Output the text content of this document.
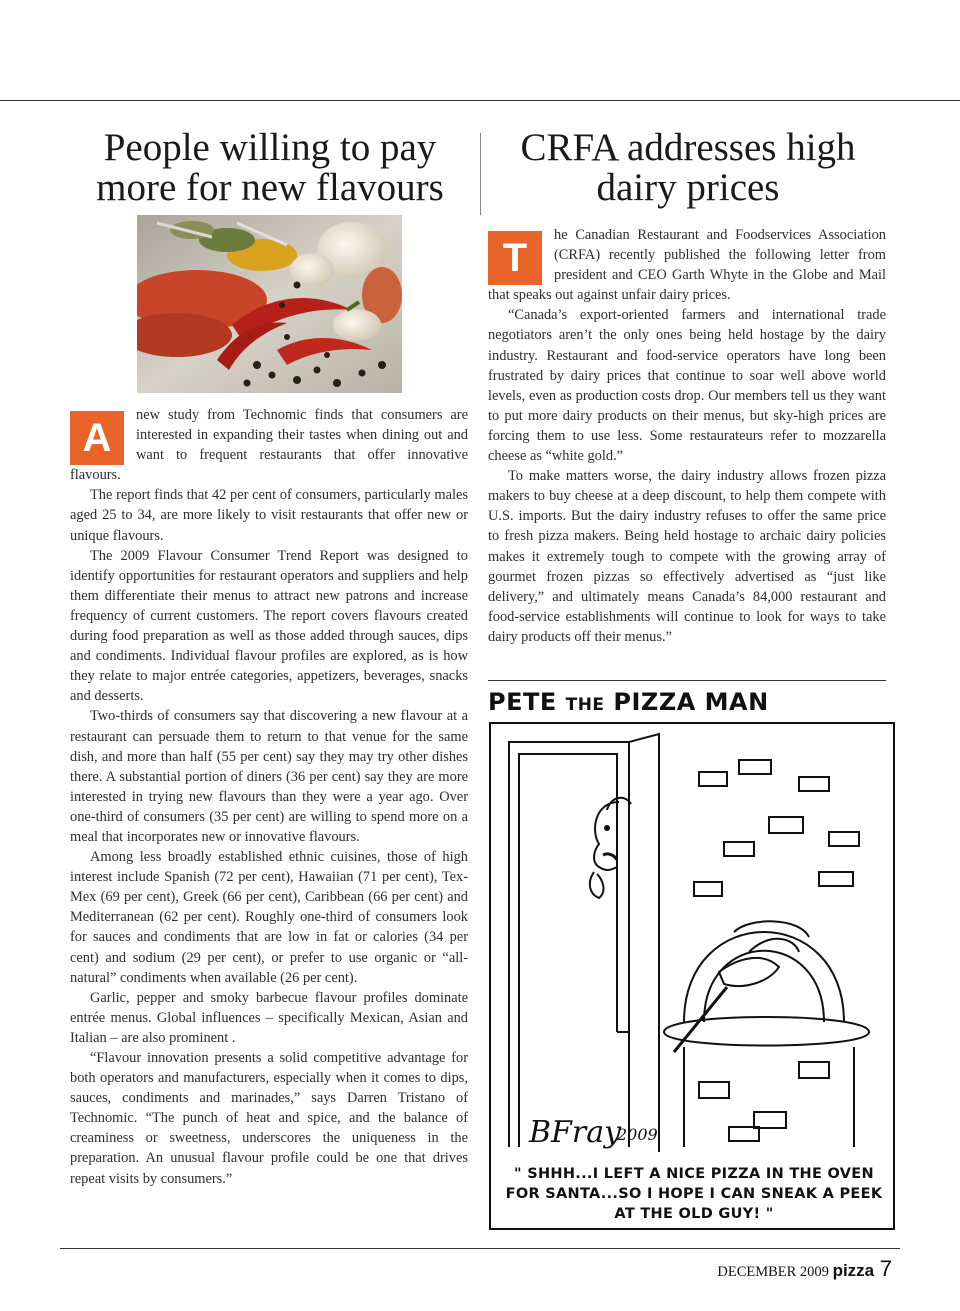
People willing to pay more for new flavours
A

new study from Technomic finds that consumers are interested in expanding their tastes when dining out and want to frequent restaurants that offer innovative flavours.

The report finds that 42 per cent of consumers, particularly males aged 25 to 34, are more likely to visit restaurants that offer new or unique flavours.

The 2009 Flavour Consumer Trend Report was designed to identify opportunities for restaurant operators and suppliers and help them differentiate their menus to attract new patrons and increase frequency of current customers. The report covers flavours created during food preparation as well as those added through sauces, dips and condiments. Individual flavour profiles are explored, as is how they relate to major entrée categories, appetizers, beverages, snacks and desserts.

Two-thirds of consumers say that discovering a new flavour at a restaurant can persuade them to return to that venue for the same dish, and more than half (55 per cent) say they may try other dishes there. A substantial portion of diners (36 per cent) say they are more interested in trying new flavours than they were a year ago. Over one-third of consumers (35 per cent) are willing to spend more on a meal that incorporates new or innovative flavours.

Among less broadly established ethnic cuisines, those of high interest include Spanish (72 per cent), Hawaiian (71 per cent), Tex-Mex (69 per cent), Greek (66 per cent), Caribbean (66 per cent) and Mediterranean (62 per cent). Roughly one-third of consumers look for sauces and condiments that are low in fat or calories (34 per cent) and sodium (29 per cent), or prefer to use organic or “all-natural” condiments when available (26 per cent).

Garlic, pepper and smoky barbecue flavour profiles dominate entrée menus. Global influences – specifically Mexican, Asian and Italian – are also prominent .

“Flavour innovation presents a solid competitive advantage for both operators and manufacturers, especially when it comes to dips, sauces, condiments and marinades,” says Darren Tristano of Technomic. “The punch of heat and spice, and the balance of creaminess or sweetness, underscores the uniqueness in the preparation. An unusual flavour profile could be one that drives repeat visits by consumers.”

CRFA addresses high dairy prices
T

he Canadian Restaurant and Foodservices Association (CRFA) recently published the following letter from president and CEO Garth Whyte in the Globe and Mail that speaks out against unfair dairy prices.

“Canada’s export-oriented farmers and international trade negotiators aren’t the only ones being held hostage by the dairy industry. Restaurant and food-service operators have long been frustrated by dairy prices that continue to soar well above world levels, even as production costs drop. Our members tell us they want to put more dairy products on their menus, but sky-high prices are forcing them to use less. Some restaurateurs refer to mozzarella cheese as “white gold.”

To make matters worse, the dairy industry allows frozen pizza makers to buy cheese at a deep discount, to help them compete with U.S. imports. But the dairy industry refuses to offer the same price to fresh pizza makers. Being held hostage to archaic dairy policies makes it extremely tough to compete with the growing array of gourmet frozen pizzas so effectively advertised as “just like delivery,” and ultimately means Canada’s 84,000 restaurant and food-service establishments will continue to look for ways to take dairy products off their menus.”

PETE THE PIZZA MAN
BFray
2009
" SHHH...I LEFT A NICE PIZZA IN THE OVEN FOR SANTA...SO I HOPE I CAN SNEAK A PEEK AT THE OLD GUY! "
DECEMBER 2009 pizza 7
